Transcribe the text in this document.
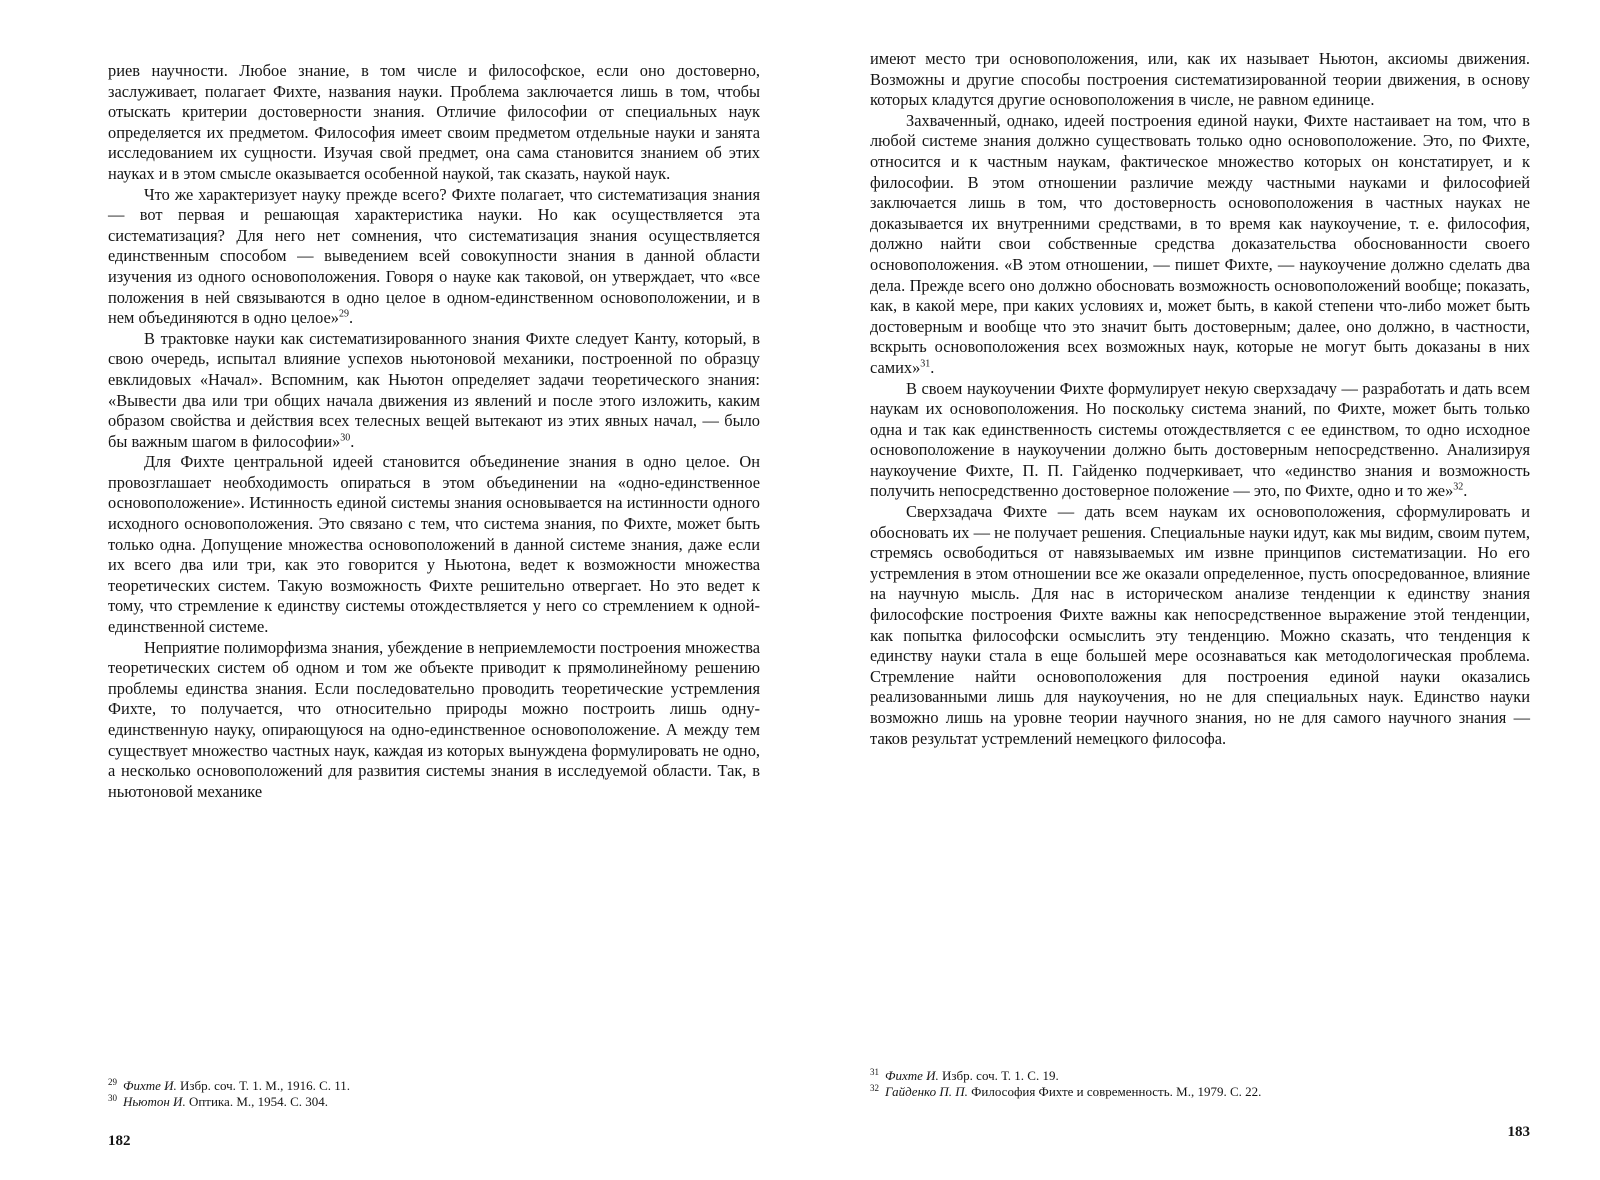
риев научности. Любое знание, в том числе и философское, если оно достоверно, заслуживает, полагает Фихте, названия науки. Проблема заключается лишь в том, чтобы отыскать критерии достоверности знания. Отличие философии от специальных наук определяется их предметом. Философия имеет своим предметом отдельные науки и занята исследованием их сущности. Изучая свой предмет, она сама становится знанием об этих науках и в этом смысле оказывается особенной наукой, так сказать, наукой наук.

Что же характеризует науку прежде всего? Фихте полагает, что систематизация знания — вот первая и решающая характеристика науки. Но как осуществляется эта систематизация? Для него нет сомнения, что систематизация знания осуществляется единственным способом — выведением всей совокупности знания в данной области изучения из одного основоположения. Говоря о науке как таковой, он утверждает, что «все положения в ней связываются в одно целое в одном-единственном основоположении, и в нем объединяются в одно целое»$^{29}$.

В трактовке науки как систематизированного знания Фихте следует Канту, который, в свою очередь, испытал влияние успехов ньютоновой механики, построенной по образцу евклидовых «Начал». Вспомним, как Ньютон определяет задачи теоретического знания: «Вывести два или три общих начала движения из явлений и после этого изложить, каким образом свойства и действия всех телесных вещей вытекают из этих явных начал, — было бы важным шагом в философии»$^{30}$.

Для Фихте центральной идеей становится объединение знания в одно целое. Он провозглашает необходимость опираться в этом объединении на «одно-единственное основоположение». Истинность единой системы знания основывается на истинности одного исходного основоположения. Это связано с тем, что система знания, по Фихте, может быть только одна. Допущение множества основоположений в данной системе знания, даже если их всего два или три, как это говорится у Ньютона, ведет к возможности множества теоретических систем. Такую возможность Фихте решительно отвергает. Но это ведет к тому, что стремление к единству системы отождествляется у него со стремлением к одной-единственной системе.

Неприятие полиморфизма знания, убеждение в неприемлемости построения множества теоретических систем об одном и том же объекте приводит к прямолинейному решению проблемы единства знания. Если последовательно проводить теоретические устремления Фихте, то получается, что относительно природы можно построить лишь одну-единственную науку, опирающуюся на одно-единственное основоположение. А между тем существует множество частных наук, каждая из которых вынуждена формулировать не одно, а несколько основоположений для развития системы знания в исследуемой области. Так, в ньютоновой механике

$^{29}$ Фихте И. Избр. соч. Т. 1. М., 1916. С. 11.
$^{30}$ Ньютон И. Оптика. М., 1954. С. 304.
182

имеют место три основоположения, или, как их называет Ньютон, аксиомы движения. Возможны и другие способы построения систематизированной теории движения, в основу которых кладутся другие основоположения в числе, не равном единице.

Захваченный, однако, идеей построения единой науки, Фихте настаивает на том, что в любой системе знания должно существовать только одно основоположение. Это, по Фихте, относится и к частным наукам, фактическое множество которых он констатирует, и к философии. В этом отношении различие между частными науками и философией заключается лишь в том, что достоверность основоположения в частных науках не доказывается их внутренними средствами, в то время как наукоучение, т. е. философия, должно найти свои собственные средства доказательства обоснованности своего основоположения. «В этом отношении, — пишет Фихте, — наукоучение должно сделать два дела. Прежде всего оно должно обосновать возможность основоположений вообще; показать, как, в какой мере, при каких условиях и, может быть, в какой степени что-либо может быть достоверным и вообще что это значит быть достоверным; далее, оно должно, в частности, вскрыть основоположения всех возможных наук, которые не могут быть доказаны в них самих»$^{31}$.

В своем наукоучении Фихте формулирует некую сверхзадачу — разработать и дать всем наукам их основоположения. Но поскольку система знаний, по Фихте, может быть только одна и так как единственность системы отождествляется с ее единством, то одно исходное основоположение в наукоучении должно быть достоверным непосредственно. Анализируя наукоучение Фихте, П. П. Гайденко подчеркивает, что «единство знания и возможность получить непосредственно достоверное положение — это, по Фихте, одно и то же»$^{32}$.

Сверхзадача Фихте — дать всем наукам их основоположения, сформулировать и обосновать их — не получает решения. Специальные науки идут, как мы видим, своим путем, стремясь освободиться от навязываемых им извне принципов систематизации. Но его устремления в этом отношении все же оказали определенное, пусть опосредованное, влияние на научную мысль. Для нас в историческом анализе тенденции к единству знания философские построения Фихте важны как непосредственное выражение этой тенденции, как попытка философски осмыслить эту тенденцию. Можно сказать, что тенденция к единству науки стала в еще большей мере осознаваться как методологическая проблема. Стремление найти основоположения для построения единой науки оказались реализованными лишь для наукоучения, но не для специальных наук. Единство науки возможно лишь на уровне теории научного знания, но не для самого научного знания — таков результат устремлений немецкого философа.

$^{31}$ Фихте И. Избр. соч. Т. 1. С. 19.
$^{32}$ Гайденко П. П. Философия Фихте и современность. М., 1979. С. 22.
183
